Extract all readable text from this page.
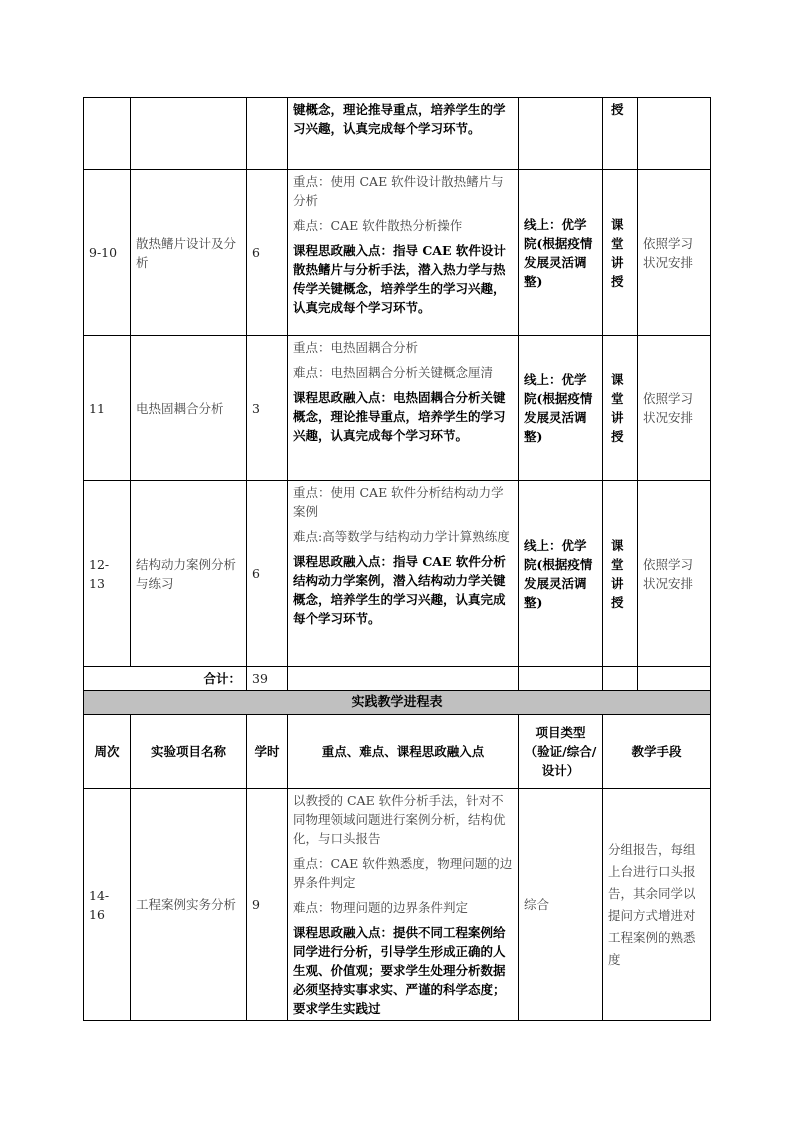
			键概念，理论推导重点，培养学生的学习兴趣，认真完成每个学习环节。		授	
9-10	散热鳍片设计及分析	6	重点：使用 CAE 软件设计散热鳍片与分析
难点：CAE 软件散热分析操作
课程思政融入点：指导 CAE 软件设计散热鳍片与分析手法，潜入热力学与热传学关键概念，培养学生的学习兴趣，认真完成每个学习环节。	线上：优学院(根据疫情发展灵活调整)	课堂讲授	依照学习状况安排
11	电热固耦合分析	3	重点：电热固耦合分析
难点：电热固耦合分析关键概念厘清
课程思政融入点：电热固耦合分析关键概念，理论推导重点，培养学生的学习兴趣，认真完成每个学习环节。	线上：优学院(根据疫情发展灵活调整)	课堂讲授	依照学习状况安排
12-13	结构动力案例分析与练习	6	重点：使用 CAE 软件分析结构动力学案例
难点:高等数学与结构动力学计算熟练度
课程思政融入点：指导 CAE 软件分析结构动力学案例，潜入结构动力学关键概念，培养学生的学习兴趣，认真完成每个学习环节。	线上：优学院(根据疫情发展灵活调整)	课堂讲授	依照学习状况安排
合计：		39				
实践教学进程表						
周次	实验项目名称	学时	重点、难点、课程思政融入点	项目类型（验证/综合/设计）	教学手段	
14-16	工程案例实务分析	9	以教授的 CAE 软件分析手法，针对不同物理领域问题进行案例分析，结构优化，与口头报告
重点：CAE 软件熟悉度，物理问题的边界条件判定
难点：物理问题的边界条件判定
课程思政融入点：提供不同工程案例给同学进行分析，引导学生形成正确的人生观、价值观；要求学生处理分析数据必须坚持实事求实、严谨的科学态度；要求学生实践过	综合	分组报告，每组上台进行口头报告，其余同学以提问方式增进对工程案例的熟悉度	
